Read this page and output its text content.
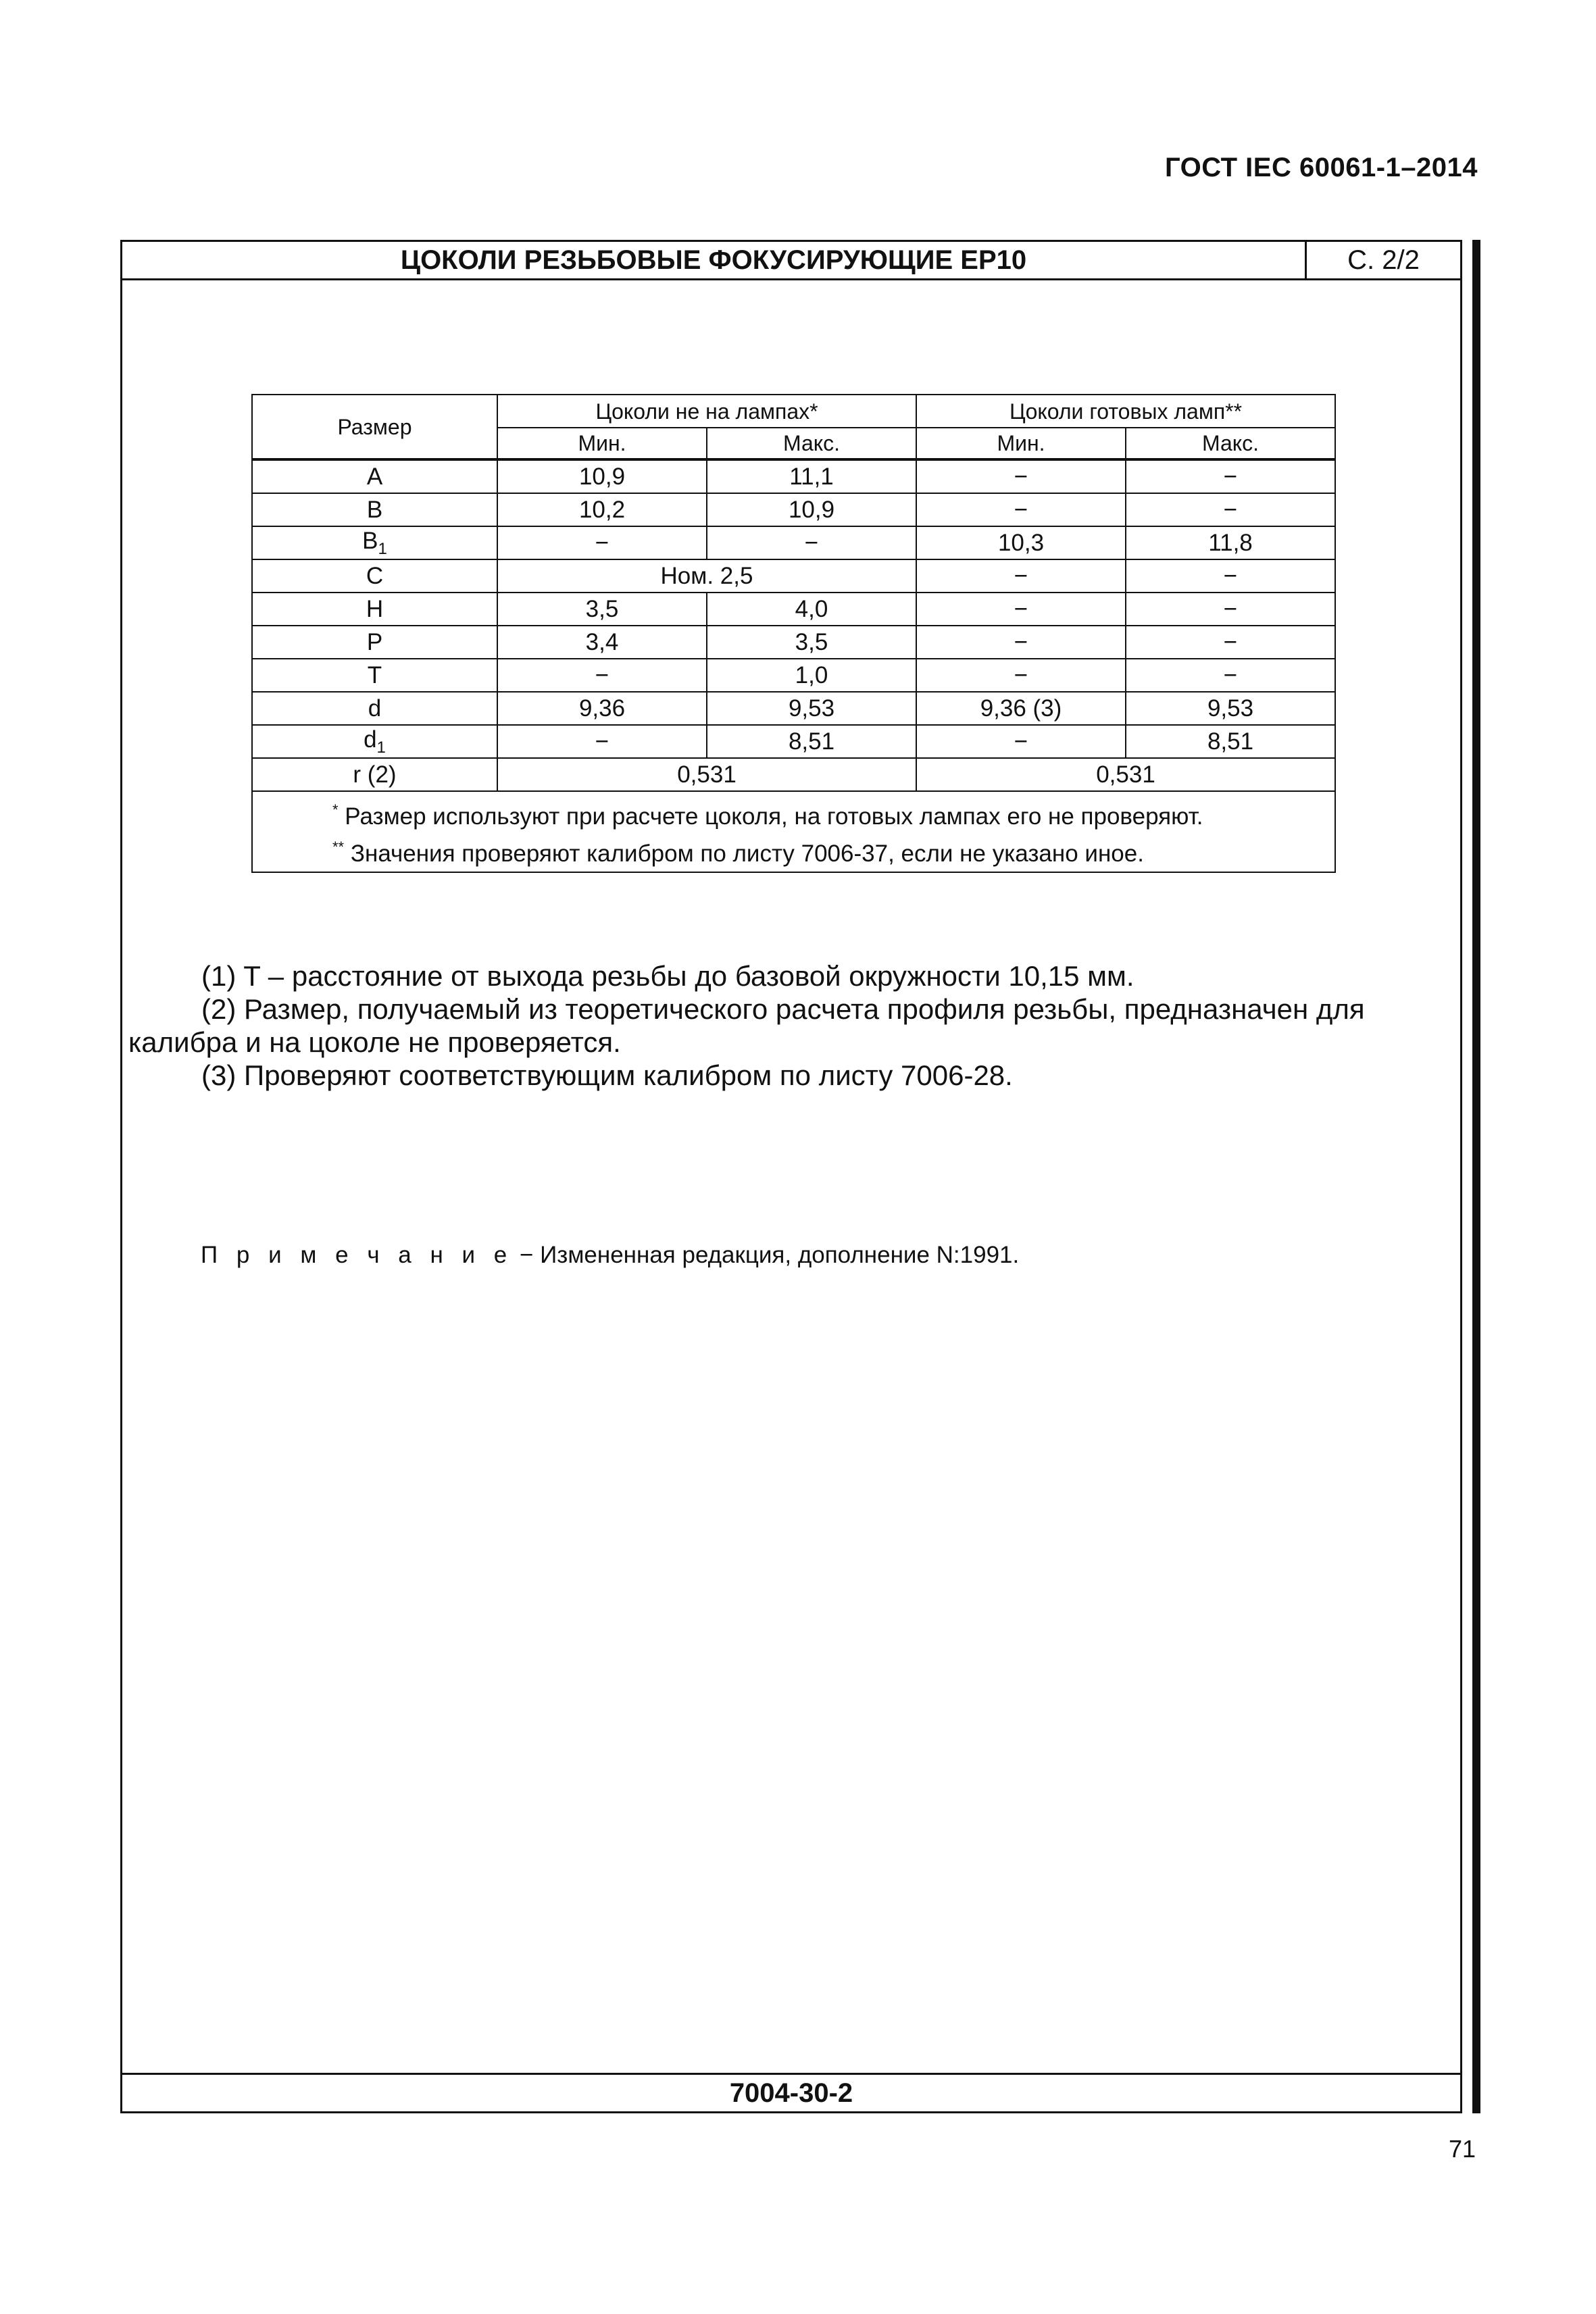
ГОСТ IEC 60061-1–2014
ЦОКОЛИ РЕЗЬБОВЫЕ ФОКУСИРУЮЩИЕ ЕР10	С. 2/2
7004-30-2
Размер	Цоколи не на лампах*		Цоколи готовых ламп**	
	Мин.	Макс.	Мин.	Макс.
A	10,9	11,1	−	−
B	10,2	10,9	−	−
$B_1$	−	−	10,3	11,8
C	Ном. 2,5		−	−
H	3,5	4,0	−	−
P	3,4	3,5	−	−
T	−	1,0	−	−
d	9,36	9,53	9,36 (3)	9,53
$d_1$	−	8,51	−	8,51
r (2)	0,531		0,531	

* Размер используют при расчете цоколя, на готовых лампах его не проверяют.
** Значения проверяют калибром по листу 7006-37, если не указано иное.				
(1) T – расстояние от выхода резьбы до базовой окружности 10,15 мм.
(2) Размер, получаемый из теоретического расчета профиля резьбы, предназначен для калибра и на цоколе не проверяется.
(3) Проверяют соответствующим калибром по листу 7006-28.
П р и м е ч а н и е − Измененная редакция, дополнение N:1991.
71
